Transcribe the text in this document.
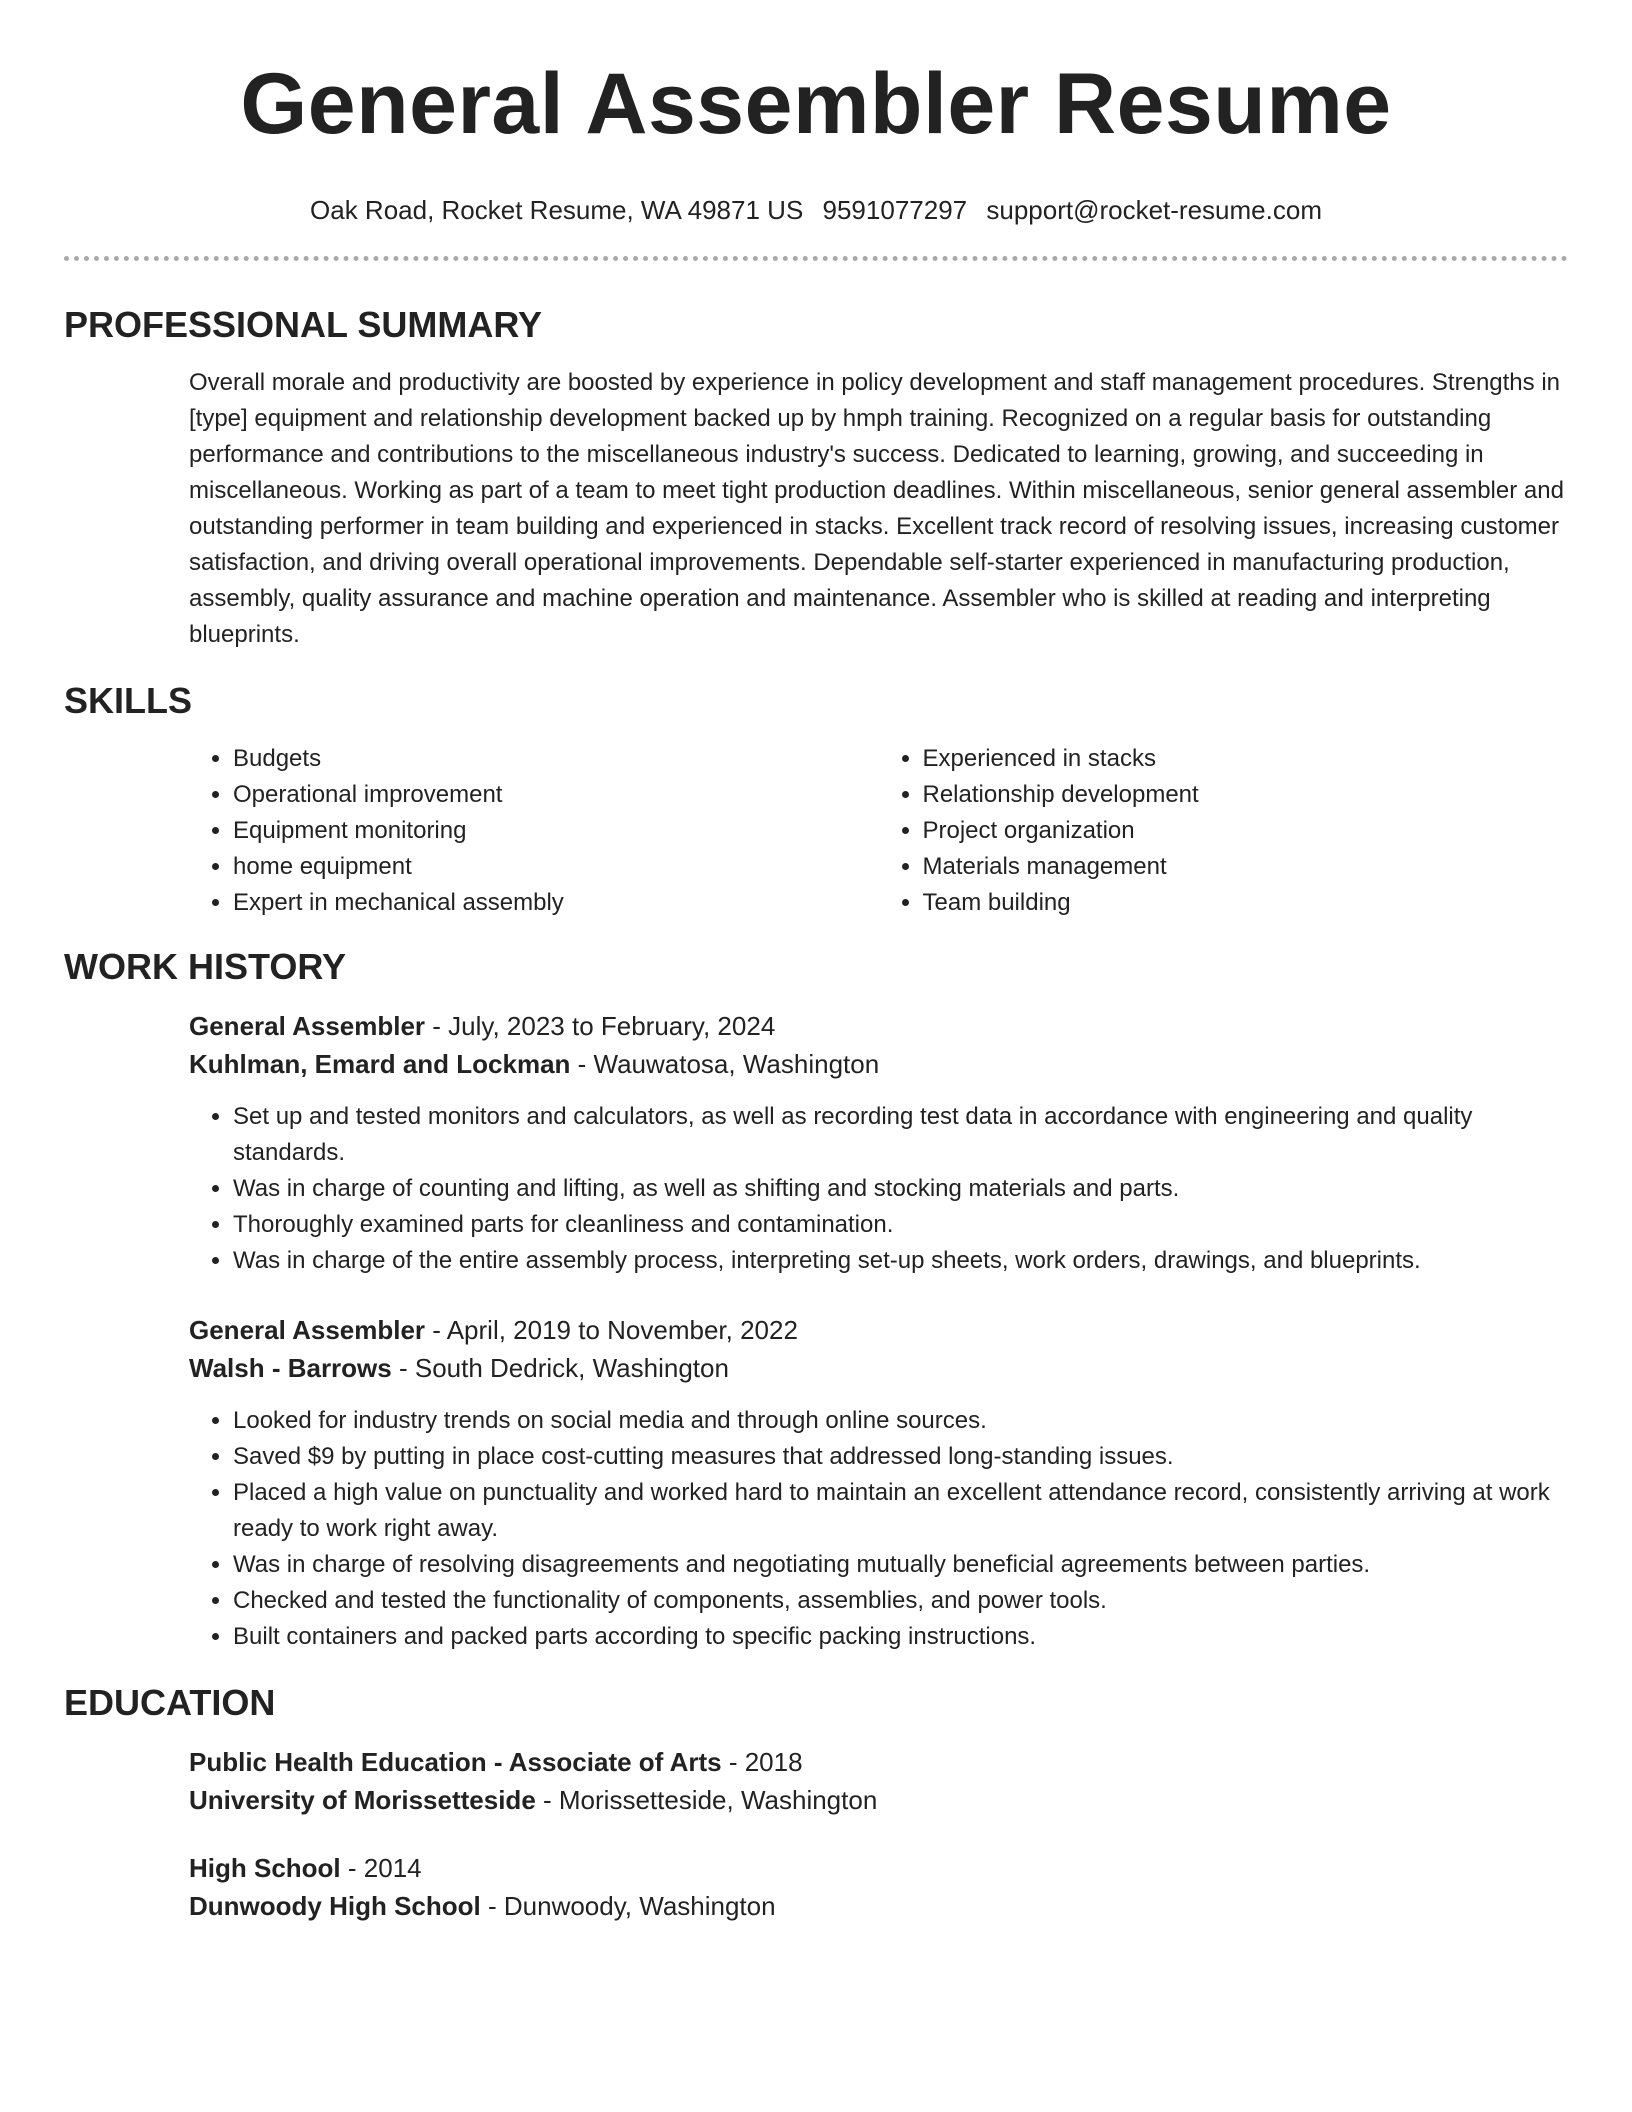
General Assembler Resume
Oak Road, Rocket Resume, WA 49871 US 9591077297 support@rocket-resume.com
PROFESSIONAL SUMMARY

Overall morale and productivity are boosted by experience in policy development and staff management procedures. Strengths in [type] equipment and relationship development backed up by hmph training. Recognized on a regular basis for outstanding performance and contributions to the miscellaneous industry's success. Dedicated to learning, growing, and succeeding in miscellaneous. Working as part of a team to meet tight production deadlines. Within miscellaneous, senior general assembler and outstanding performer in team building and experienced in stacks. Excellent track record of resolving issues, increasing customer satisfaction, and driving overall operational improvements. Dependable self-starter experienced in manufacturing production, assembly, quality assurance and machine operation and maintenance. Assembler who is skilled at reading and interpreting blueprints.

SKILLS
• Budgets
• Operational improvement
• Equipment monitoring
• home equipment
• Expert in mechanical assembly
• Experienced in stacks
• Relationship development
• Project organization
• Materials management
• Team building
WORK HISTORY
General Assembler - July, 2023 to February, 2024
Kuhlman, Emard and Lockman - Wauwatosa, Washington
• Set up and tested monitors and calculators, as well as recording test data in accordance with engineering and quality standards.
• Was in charge of counting and lifting, as well as shifting and stocking materials and parts.
• Thoroughly examined parts for cleanliness and contamination.
• Was in charge of the entire assembly process, interpreting set-up sheets, work orders, drawings, and blueprints.
General Assembler - April, 2019 to November, 2022
Walsh - Barrows - South Dedrick, Washington
• Looked for industry trends on social media and through online sources.
• Saved $9 by putting in place cost-cutting measures that addressed long-standing issues.
• Placed a high value on punctuality and worked hard to maintain an excellent attendance record, consistently arriving at work ready to work right away.
• Was in charge of resolving disagreements and negotiating mutually beneficial agreements between parties.
• Checked and tested the functionality of components, assemblies, and power tools.
• Built containers and packed parts according to specific packing instructions.
EDUCATION
Public Health Education - Associate of Arts - 2018
University of Morissetteside - Morissetteside, Washington
High School - 2014
Dunwoody High School - Dunwoody, Washington
